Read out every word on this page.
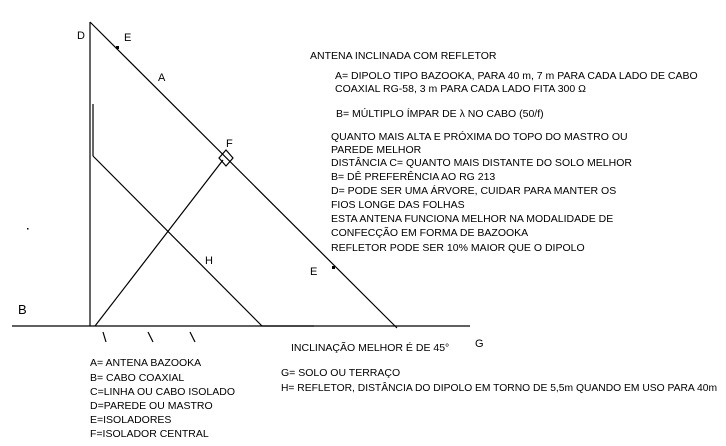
D	E
A
F
H
E
B
G
ANTENA INCLINADA COM REFLETOR
A= DIPOLO TIPO BAZOOKA, PARA 40 m, 7 m PARA CADA LADO DE CABO
COAXIAL RG-58, 3 m PARA CADA LADO FITA 300 Ω
B= MÚLTIPLO ÍMPAR DE λ NO CABO (50/f)
QUANTO MAIS ALTA E PRÓXIMA DO TOPO DO MASTRO OU
PAREDE MELHOR
DISTÂNCIA C= QUANTO MAIS DISTANTE DO SOLO MELHOR
B= DÊ PREFERÊNCIA AO RG 213
D= PODE SER UMA ÁRVORE, CUIDAR PARA MANTER OS
FIOS LONGE DAS FOLHAS
ESTA ANTENA FUNCIONA MELHOR NA MODALIDADE DE
CONFECÇÃO EM FORMA DE BAZOOKA
REFLETOR PODE SER 10% MAIOR QUE O DIPOLO
INCLINAÇÃO MELHOR É DE 45°
A= ANTENA BAZOOKA
B= CABO COAXIAL
C=LINHA OU CABO ISOLADO
D=PAREDE OU MASTRO
E=ISOLADORES
F=ISOLADOR CENTRAL
G= SOLO OU TERRAÇO
H= REFLETOR, DISTÂNCIA DO DIPOLO EM TORNO DE 5,5m QUANDO EM USO PARA 40m
